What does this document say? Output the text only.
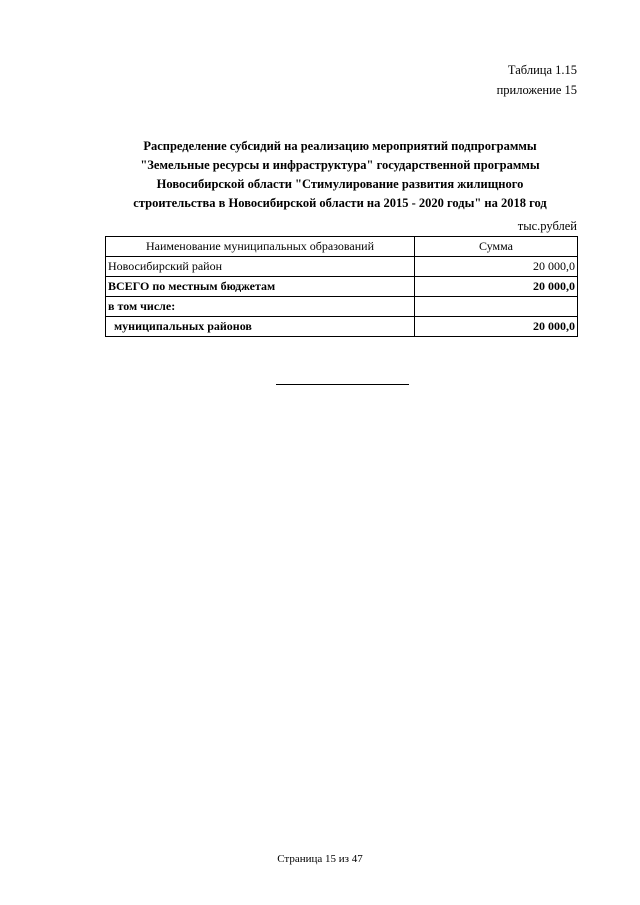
Таблица 1.15
приложение 15
Распределение субсидий на реализацию мероприятий подпрограммы
"Земельные ресурсы и инфраструктура" государственной программы
Новосибирской области "Стимулирование развития жилищного
строительства в Новосибирской области на 2015 - 2020 годы" на 2018 год
тыс.рублей
Наименование муниципальных образований	Сумма
Новосибирский район	20 000,0
ВСЕГО по местным бюджетам	20 000,0
в том числе:	
муниципальных районов	20 000,0
Страница 15 из 47
